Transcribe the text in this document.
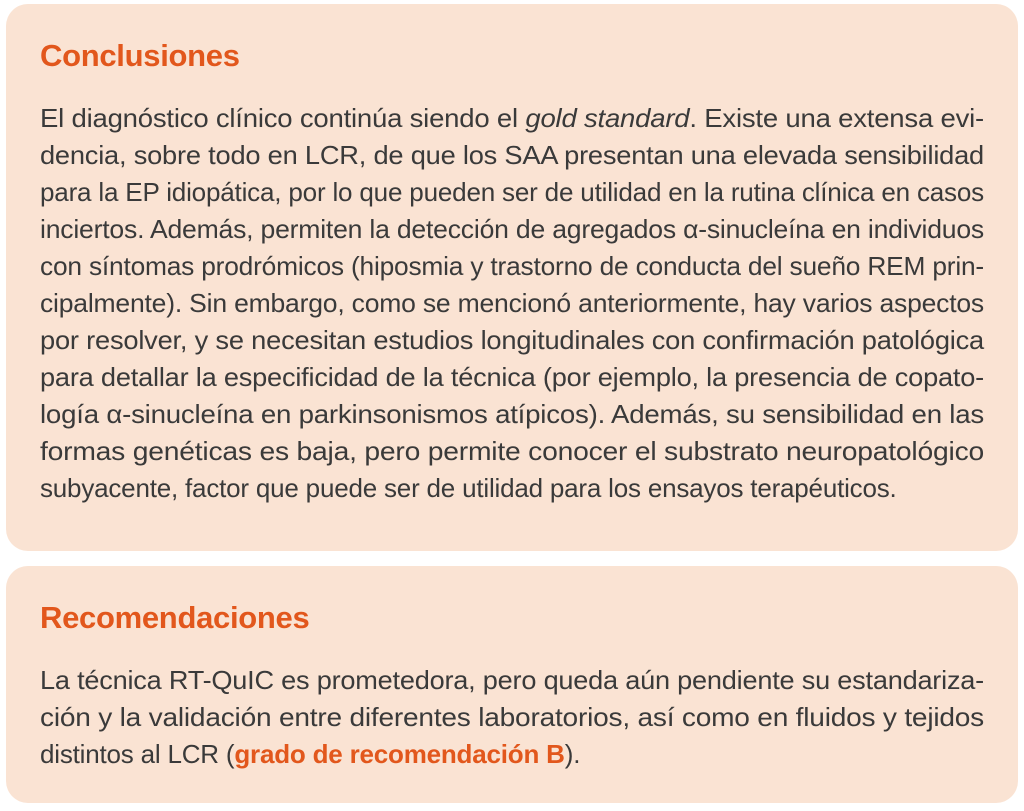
Conclusiones
El diagnóstico clínico continúa siendo el gold standard. Existe una extensa evi-
dencia, sobre todo en LCR, de que los SAA presentan una elevada sensibilidad
para la EP idiopática, por lo que pueden ser de utilidad en la rutina clínica en casos
inciertos. Además, permiten la detección de agregados α-sinucleína en individuos
con síntomas prodrómicos (hiposmia y trastorno de conducta del sueño REM prin-
cipalmente). Sin embargo, como se mencionó anteriormente, hay varios aspectos
por resolver, y se necesitan estudios longitudinales con confirmación patológica
para detallar la especificidad de la técnica (por ejemplo, la presencia de copato-
logía α-sinucleína en parkinsonismos atípicos). Además, su sensibilidad en las
formas genéticas es baja, pero permite conocer el substrato neuropatológico
subyacente, factor que puede ser de utilidad para los ensayos terapéuticos.
Recomendaciones
La técnica RT-QuIC es prometedora, pero queda aún pendiente su estandariza-
ción y la validación entre diferentes laboratorios, así como en fluidos y tejidos
distintos al LCR (grado de recomendación B).
